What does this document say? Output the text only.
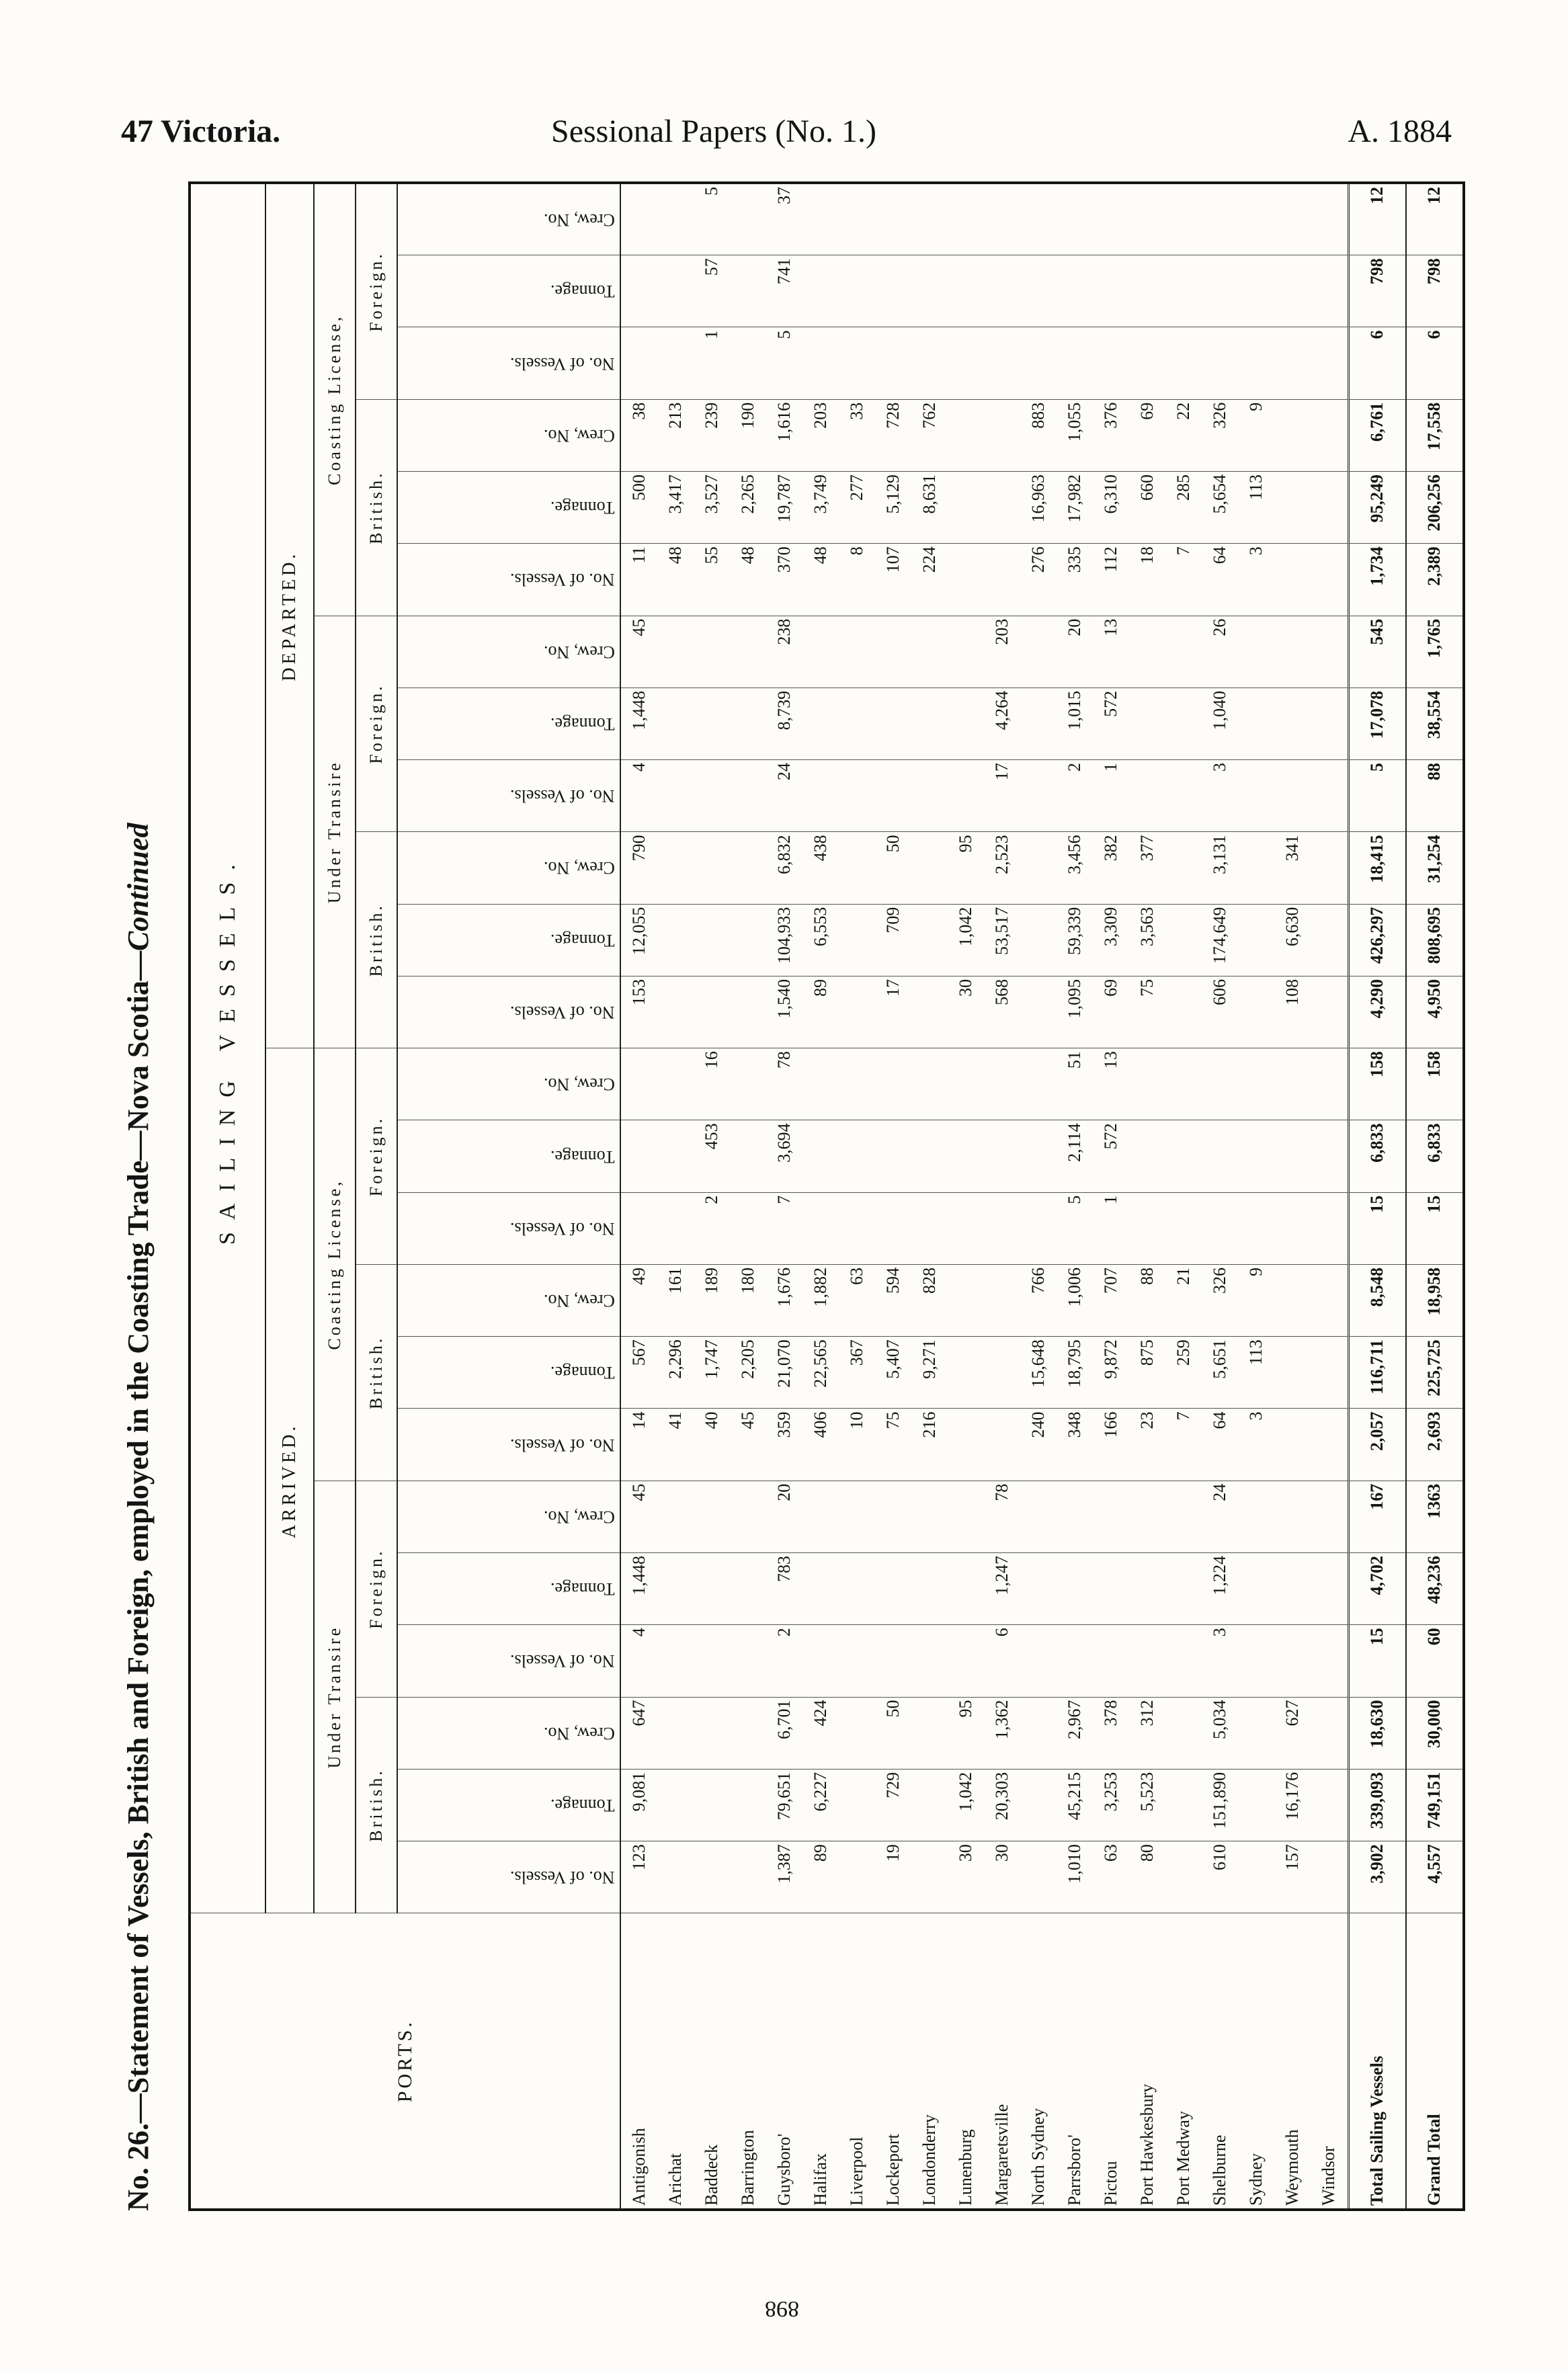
47 Victoria.	Sessional Papers (No. 1.)	A. 1884
No. 26.—Statement of Vessels, British and Foreign, employed in the Coasting Trade—Nova Scotia—Continued
PORTS.	SAILING VESSELS.																							
	ARRIVED.												DEPARTED.											
	Under Transire						Coasting License,						Under Transire						Coasting License,					
	British.			Foreign.			British.			Foreign.			British.			Foreign.			British.			Foreign.		
	No. of Vessels.	Tonnage.	Crew, No.	No. of Vessels.	Tonnage.	Crew, No.	No. of Vessels.	Tonnage.	Crew, No.	No. of Vessels.	Tonnage.	Crew, No.	No. of Vessels.	Tonnage.	Crew, No.	No. of Vessels.	Tonnage.	Crew, No.	No. of Vessels.	Tonnage.	Crew, No.	No. of Vessels.	Tonnage.	Crew, No.
Antigonish	123	9,081	647	4	1,448	45	14	567	49				153	12,055	790	4	1,448	45	11	500	38			
Arichat							41	2,296	161										48	3,417	213			
Baddeck							40	1,747	189	2	453	16							55	3,527	239	1	57	5
Barrington							45	2,205	180										48	2,265	190			
Guysboro'	1,387	79,651	6,701	2	783	20	359	21,070	1,676	7	3,694	78	1,540	104,933	6,832	24	8,739	238	370	19,787	1,616	5	741	37
Halifax	89	6,227	424				406	22,565	1,882				89	6,553	438				48	3,749	203			
Liverpool							10	367	63										8	277	33			
Lockeport	19	729	50				75	5,407	594				17	709	50				107	5,129	728			
Londonderry							216	9,271	828										224	8,631	762			
Lunenburg	30	1,042	95										30	1,042	95									
Margaretsville	30	20,303	1,362	6	1,247	78							568	53,517	2,523	17	4,264	203						
North Sydney							240	15,648	766										276	16,963	883			
Parrsboro'	1,010	45,215	2,967				348	18,795	1,006	5	2,114	51	1,095	59,339	3,456	2	1,015	20	335	17,982	1,055			
Pictou	63	3,253	378				166	9,872	707	1	572	13	69	3,309	382	1	572	13	112	6,310	376			
Port Hawkesbury	80	5,523	312				23	875	88				75	3,563	377				18	660	69			
Port Medway							7	259	21										7	285	22			
Shelburne	610	151,890	5,034	3	1,224	24	64	5,651	326				606	174,649	3,131	3	1,040	26	64	5,654	326			
Sydney							3	113	9										3	113	9			
Weymouth	157	16,176	627										108	6,630	341									
Windsor																								
Total Sailing Vessels	3,902	339,093	18,630	15	4,702	167	2,057	116,711	8,548	15	6,833	158	4,290	426,297	18,415	5	17,078	545	1,734	95,249	6,761	6	798	12
Grand Total	4,557	749,151	30,000	60	48,236	1363	2,693	225,725	18,958	15	6,833	158	4,950	808,695	31,254	88	38,554	1,765	2,389	206,256	17,558	6	798	12
898
